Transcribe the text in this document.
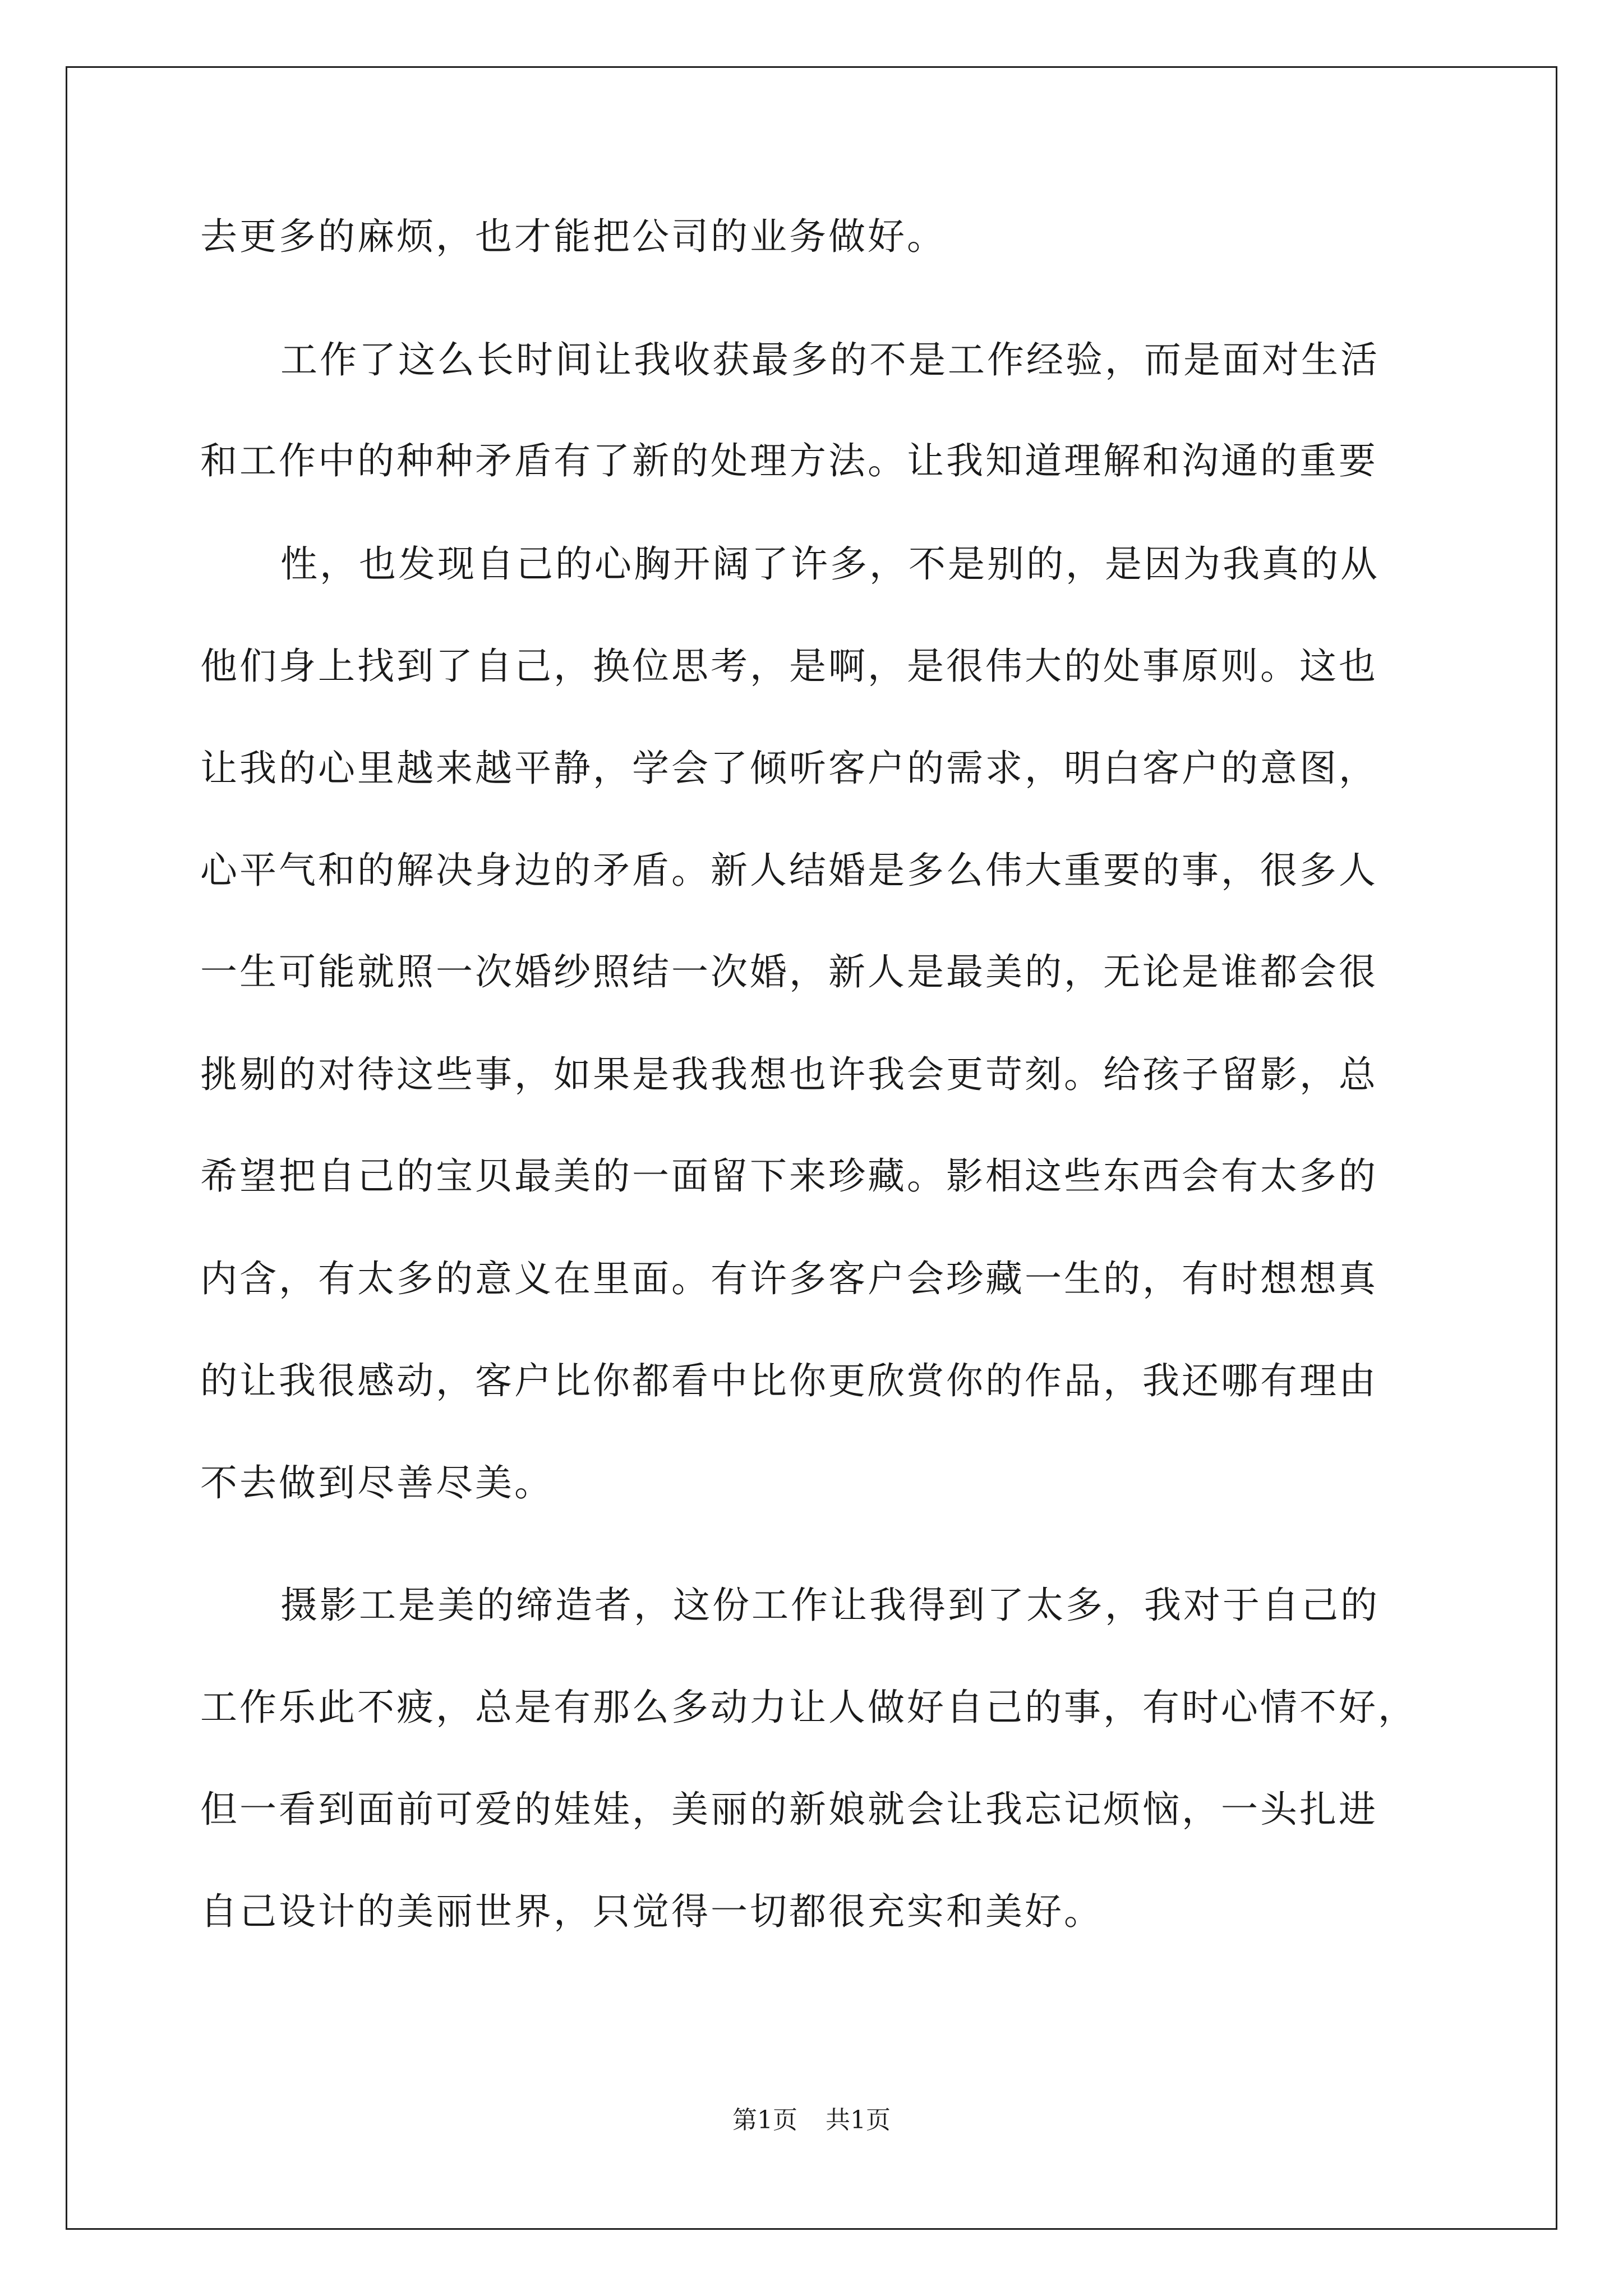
去更多的麻烦，也才能把公司的业务做好。
工作了这么长时间让我收获最多的不是工作经验，而是面对生活
和工作中的种种矛盾有了新的处理方法。让我知道理解和沟通的重要
性，也发现自己的心胸开阔了许多，不是别的，是因为我真的从
他们身上找到了自己，换位思考，是啊，是很伟大的处事原则。这也
让我的心里越来越平静，学会了倾听客户的需求，明白客户的意图，
心平气和的解决身边的矛盾。新人结婚是多么伟大重要的事，很多人
一生可能就照一次婚纱照结一次婚，新人是最美的，无论是谁都会很
挑剔的对待这些事，如果是我我想也许我会更苛刻。给孩子留影，总
希望把自己的宝贝最美的一面留下来珍藏。影相这些东西会有太多的
内含，有太多的意义在里面。有许多客户会珍藏一生的，有时想想真
的让我很感动，客户比你都看中比你更欣赏你的作品，我还哪有理由
不去做到尽善尽美。
摄影工是美的缔造者，这份工作让我得到了太多，我对于自己的
工作乐此不疲，总是有那么多动力让人做好自己的事，有时心情不好，
但一看到面前可爱的娃娃，美丽的新娘就会让我忘记烦恼，一头扎进
自己设计的美丽世界，只觉得一切都很充实和美好。
第1页 共1页
